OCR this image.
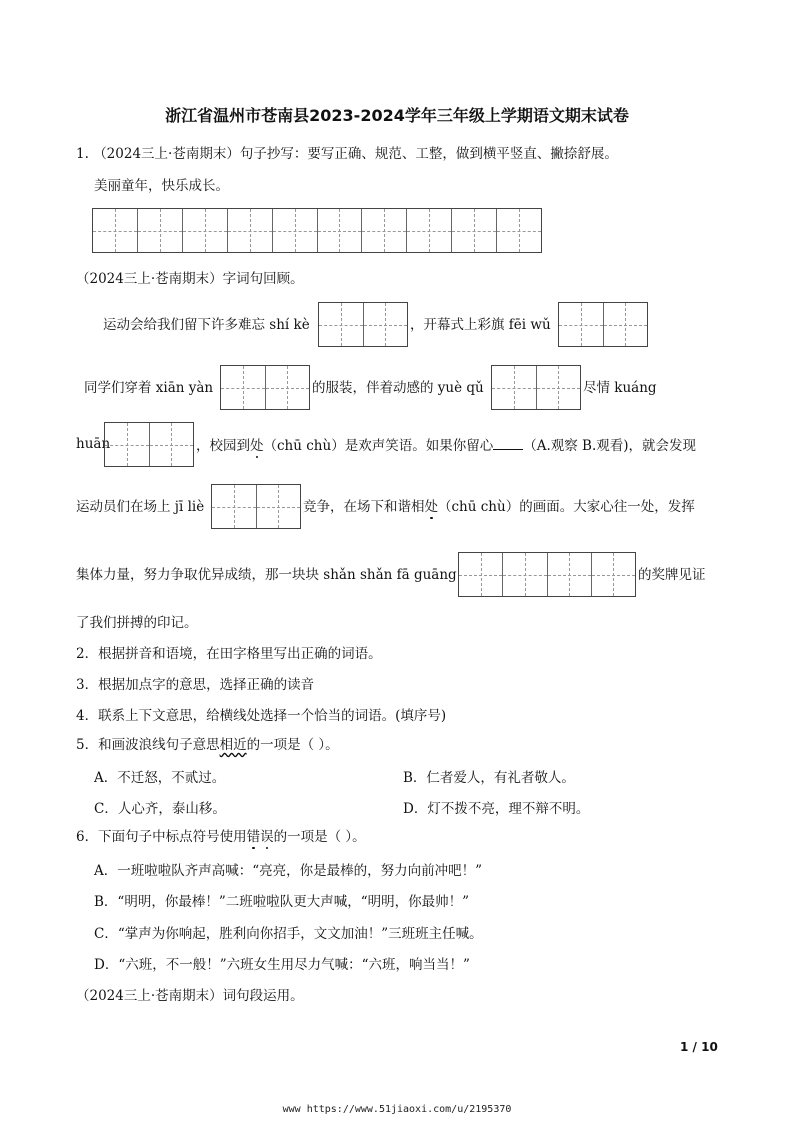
浙江省温州市苍南县2023-2024学年三年级上学期语文期末试卷
1. （2024三上·苍南期末）句子抄写：要写正确、规范、工整，做到横平竖直、撇捺舒展。
美丽童年，快乐成长。
（2024三上·苍南期末）字词句回顾。
运动会给我们留下许多难忘 shí kè	，开幕式上彩旗 fēi wǔ
同学们穿着 xiān yàn	的服装，伴着动感的 yuè qǔ	尽情 kuáng
huān	，校园到处（chū chù）是欢声笑语。如果你留心 （A.观察 B.观看)，就会发现
运动员们在场上 jī liè	竞争，在场下和谐相处（chū chù）的画面。大家心往一处，发挥
集体力量，努力争取优异成绩，那一块块 shǎn shǎn fā guāng	的奖牌见证
了我们拼搏的印记。
2．根据拼音和语境，在田字格里写出正确的词语。
3．根据加点字的意思，选择正确的读音
4．联系上下文意思，给横线处选择一个恰当的词语。(填序号)
5．和画波浪线句子意思相近的一项是（ ）。
A．不迁怒，不贰过。	B．仁者爱人，有礼者敬人。
C．人心齐，泰山移。	D．灯不拨不亮，理不辩不明。
6．下面句子中标点符号使用错误的一项是（ ）。
A．一班啦啦队齐声高喊：“亮亮，你是最棒的，努力向前冲吧！”
B．“明明，你最棒！”二班啦啦队更大声喊，“明明，你最帅！”
C．“掌声为你响起，胜利向你招手，文文加油！”三班班主任喊。
D．“六班，不一般！”六班女生用尽力气喊：“六班，响当当！”
（2024三上·苍南期末）词句段运用。
1 / 10
www https://www.51jiaoxi.com/u/2195370
